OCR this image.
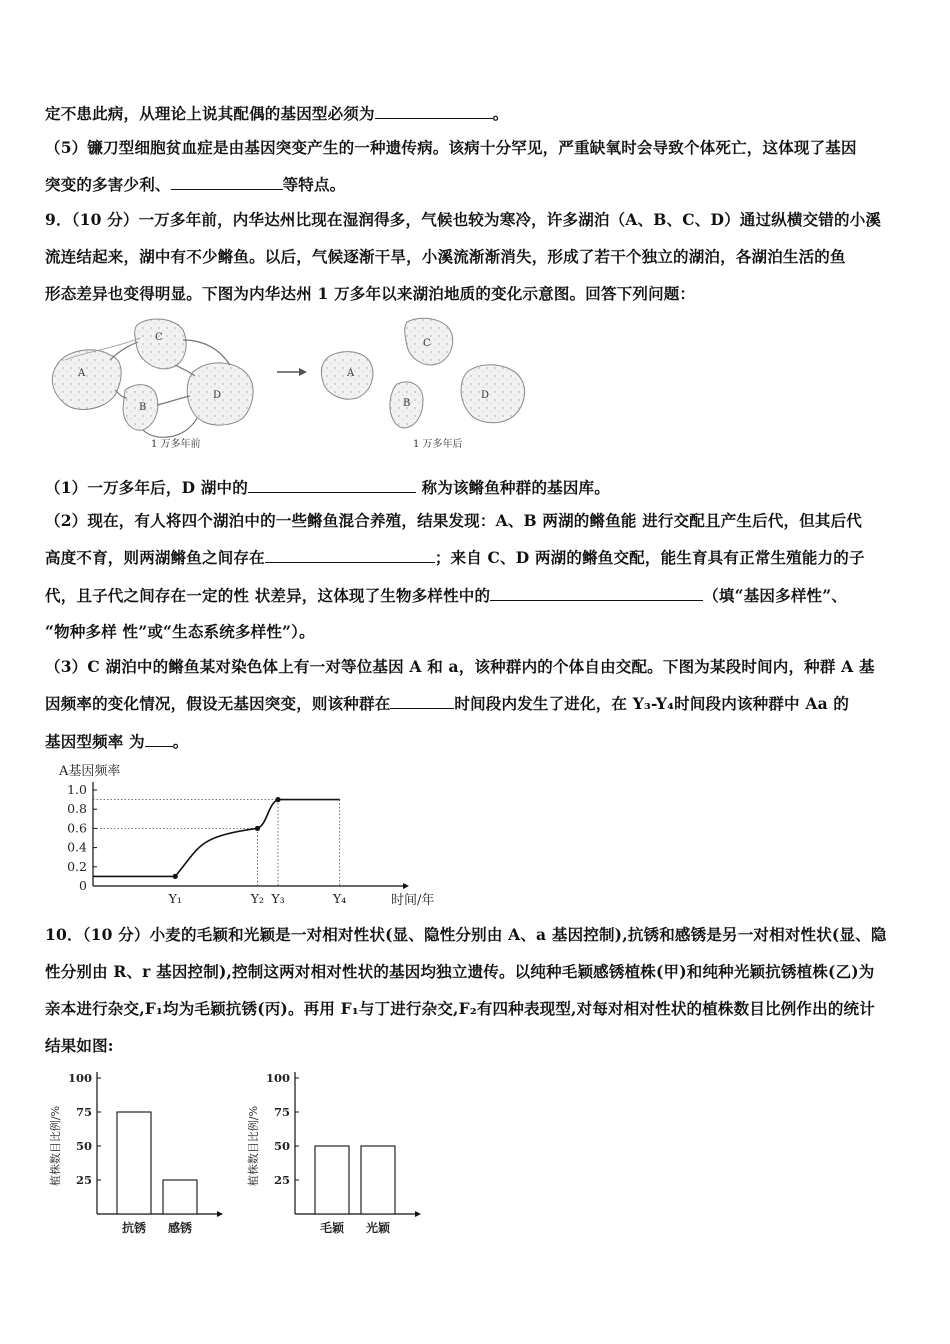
定不患此病，从理论上说其配偶的基因型必须为	。
（5）镰刀型细胞贫血症是由基因突变产生的一种遗传病。该病十分罕见，严重缺氧时会导致个体死亡，这体现了基因
突变的多害少利、	等特点。
9．（10 分）一万多年前，内华达州比现在湿润得多，气候也较为寒冷，许多湖泊（A、B、C、D）通过纵横交错的小溪
流连结起来，湖中有不少鳉鱼。以后，气候逐渐干旱，小溪流渐渐消失，形成了若干个独立的湖泊，各湖泊生活的鱼
形态差异也变得明显。下图为内华达州 1 万多年以来湖泊地质的变化示意图。回答下列问题：
A
C
B
D
1 万多年前
A
C
B
D
1 万多年后
（1）一万多年后，D 湖中的	称为该鳉鱼种群的基因库。
（2）现在，有人将四个湖泊中的一些鳉鱼混合养殖，结果发现：A、B 两湖的鳉鱼能 进行交配且产生后代，但其后代
高度不育，则两湖鳉鱼之间存在	；来自 C、D 两湖的鳉鱼交配，能生育具有正常生殖能力的子
代，且子代之间存在一定的性 状差异，这体现了生物多样性中的	（填“基因多样性”、
“物种多样 性”或“生态系统多样性”）。
（3）C 湖泊中的鳉鱼某对染色体上有一对等位基因 A 和 a，该种群内的个体自由交配。下图为某段时间内，种群 A 基
因频率的变化情况，假设无基因突变，则该种群在	时间段内发生了进化，在 Y₃-Y₄时间段内该种群中 Aa 的
基因型频率 为 。
A基因频率
0
0.2
0.4
0.6
0.8
1.0
Y₁	Y₂ Y₃	Y₄	时间/年
10．（10 分）小麦的毛颖和光颖是一对相对性状(显、隐性分别由 A、a 基因控制),抗锈和感锈是另一对相对性状(显、隐
性分别由 R、r 基因控制),控制这两对相对性状的基因均独立遗传。以纯种毛颖感锈植株(甲)和纯种光颖抗锈植株(乙)为
亲本进行杂交,F₁均为毛颖抗锈(丙)。再用 F₁与丁进行杂交,F₂有四种表现型,对每对相对性状的植株数目比例作出的统计
结果如图:
植株数目比例/% 25
50
75
100
抗锈 感锈
植株数目比例/% 25
50
75
100
毛颖 光颖
